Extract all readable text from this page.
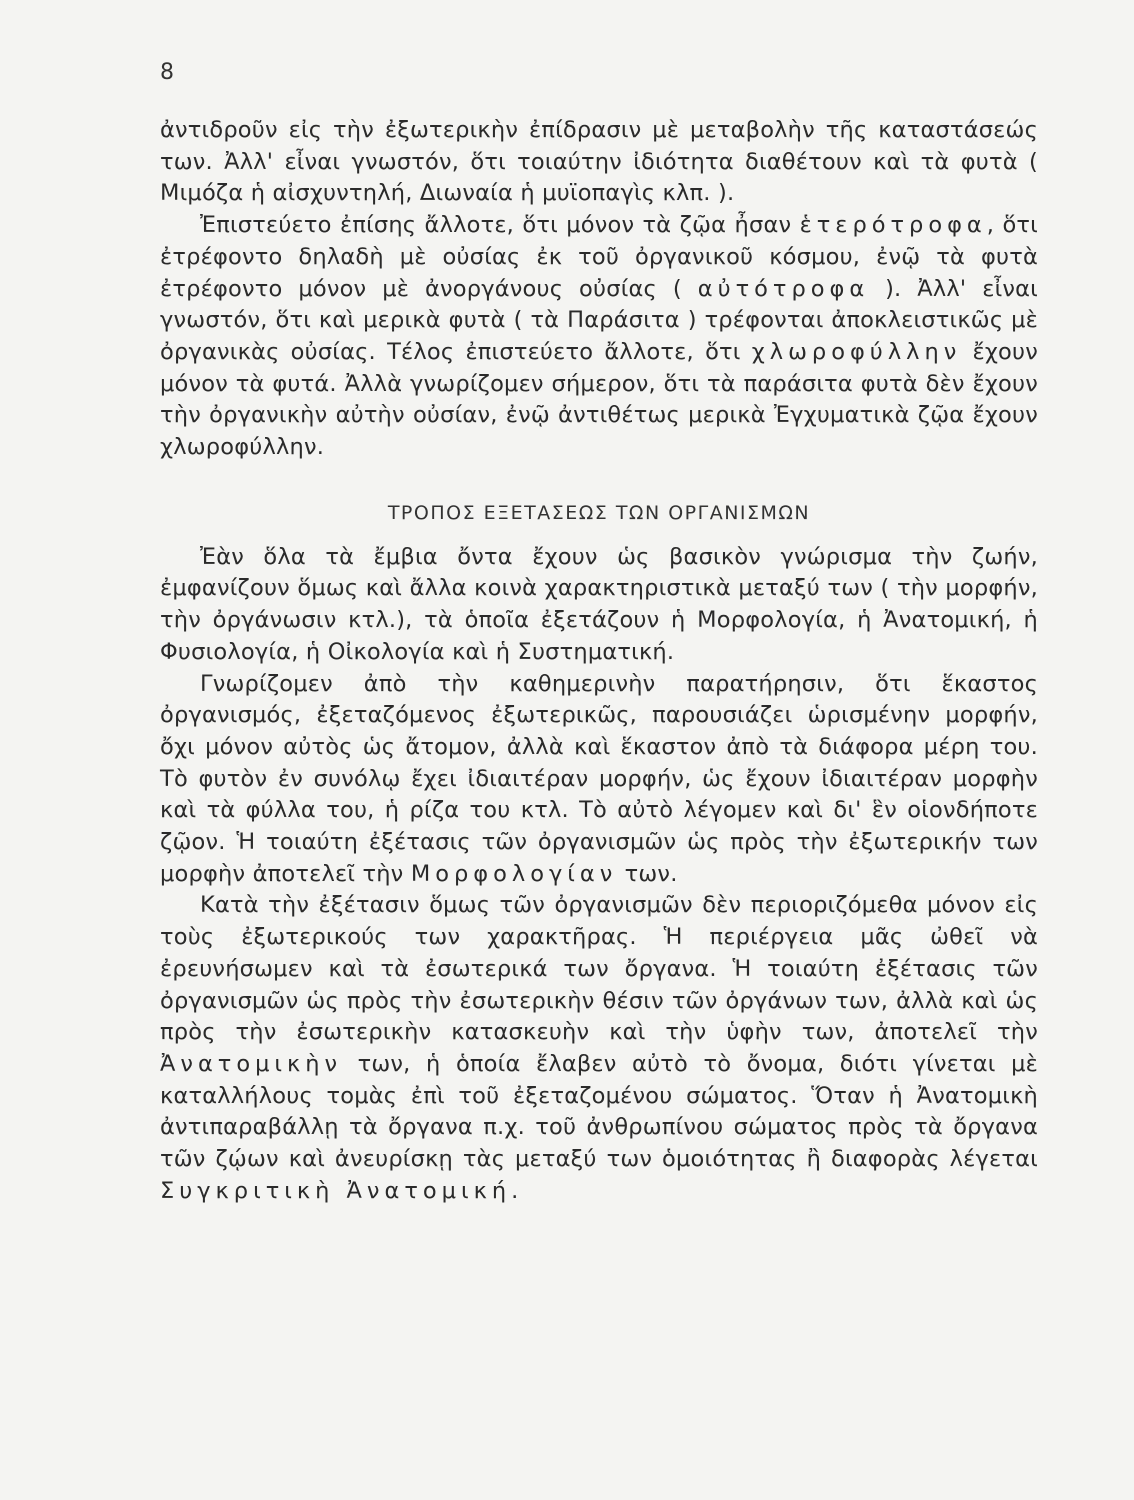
8

ἀντιδροῦν εἰς τὴν ἐξωτερικὴν ἐπίδρασιν μὲ μεταβολὴν τῆς καταστάσεώς των. Ἀλλ' εἶναι γνωστόν, ὅτι τοιαύτην ἰδιότητα διαθέτουν καὶ τὰ φυτὰ ( Μιμόζα ἡ αἰσχυντηλή, Διωναία ἡ μυϊοπαγὶς κλπ. ).

Ἐπιστεύετο ἐπίσης ἄλλοτε, ὅτι μόνον τὰ ζῷα ἦσαν ἑτερότροφα, ὅτι ἐτρέφοντο δηλαδὴ μὲ οὐσίας ἐκ τοῦ ὀργανικοῦ κόσμου, ἐνῷ τὰ φυτὰ ἐτρέφοντο μόνον μὲ ἀνοργάνους οὐσίας ( αὐτότροφα ). Ἀλλ' εἶναι γνωστόν, ὅτι καὶ μερικὰ φυτὰ ( τὰ Παράσιτα ) τρέφονται ἀποκλειστικῶς μὲ ὀργανικὰς οὐσίας. Τέλος ἐπιστεύετο ἄλλοτε, ὅτι χλωροφύλλην ἔχουν μόνον τὰ φυτά. Ἀλλὰ γνωρίζομεν σήμερον, ὅτι τὰ παράσιτα φυτὰ δὲν ἔχουν τὴν ὀργανικὴν αὐτὴν οὐσίαν, ἐνῷ ἀντιθέτως μερικὰ Ἐγχυματικὰ ζῷα ἔχουν χλωροφύλλην.

ΤΡΟΠΟΣ ΕΞΕΤΑΣΕΩΣ ΤΩΝ ΟΡΓΑΝΙΣΜΩΝ

Ἐὰν ὅλα τὰ ἔμβια ὄντα ἔχουν ὡς βασικὸν γνώρισμα τὴν ζωήν, ἐμφανίζουν ὅμως καὶ ἄλλα κοινὰ χαρακτηριστικὰ μεταξύ των ( τὴν μορφήν, τὴν ὀργάνωσιν κτλ.), τὰ ὁποῖα ἐξετάζουν ἡ Μορφολογία, ἡ Ἀνατομική, ἡ Φυσιολογία, ἡ Οἰκολογία καὶ ἡ Συστηματική.

Γνωρίζομεν ἀπὸ τὴν καθημερινὴν παρατήρησιν, ὅτι ἕκαστος ὀργανισμός, ἐξεταζόμενος ἐξωτερικῶς, παρουσιάζει ὡρισμένην μορφήν, ὄχι μόνον αὐτὸς ὡς ἄτομον, ἀλλὰ καὶ ἕκαστον ἀπὸ τὰ διάφορα μέρη του. Τὸ φυτὸν ἐν συνόλῳ ἔχει ἰδιαιτέραν μορφήν, ὡς ἔχουν ἰδιαιτέραν μορφὴν καὶ τὰ φύλλα του, ἡ ρίζα του κτλ. Τὸ αὐτὸ λέγομεν καὶ δι' ἓν οἱονδήποτε ζῷον. Ἡ τοιαύτη ἐξέτασις τῶν ὀργανισμῶν ὡς πρὸς τὴν ἐξωτερικήν των μορφὴν ἀποτελεῖ τὴν Μορφολογίαν των.

Κατὰ τὴν ἐξέτασιν ὅμως τῶν ὀργανισμῶν δὲν περιοριζόμεθα μόνον εἰς τοὺς ἐξωτερικούς των χαρακτῆρας. Ἡ περιέργεια μᾶς ὠθεῖ νὰ ἐρευνήσωμεν καὶ τὰ ἐσωτερικά των ὄργανα. Ἡ τοιαύτη ἐξέτασις τῶν ὀργανισμῶν ὡς πρὸς τὴν ἐσωτερικὴν θέσιν τῶν ὀργάνων των, ἀλλὰ καὶ ὡς πρὸς τὴν ἐσωτερικὴν κατασκευὴν καὶ τὴν ὑφὴν των, ἀποτελεῖ τὴν Ἀνατομικὴν των, ἡ ὁποία ἔλαβεν αὐτὸ τὸ ὄνομα, διότι γίνεται μὲ καταλλήλους τομὰς ἐπὶ τοῦ ἐξεταζομένου σώματος. Ὅταν ἡ Ἀνατομικὴ ἀντιπαραβάλλῃ τὰ ὄργανα π.χ. τοῦ ἀνθρωπίνου σώματος πρὸς τὰ ὄργανα τῶν ζῴων καὶ ἀνευρίσκῃ τὰς μεταξύ των ὁμοιότητας ἢ διαφορὰς λέγεται Συγκριτικὴ Ἀνατομική.
